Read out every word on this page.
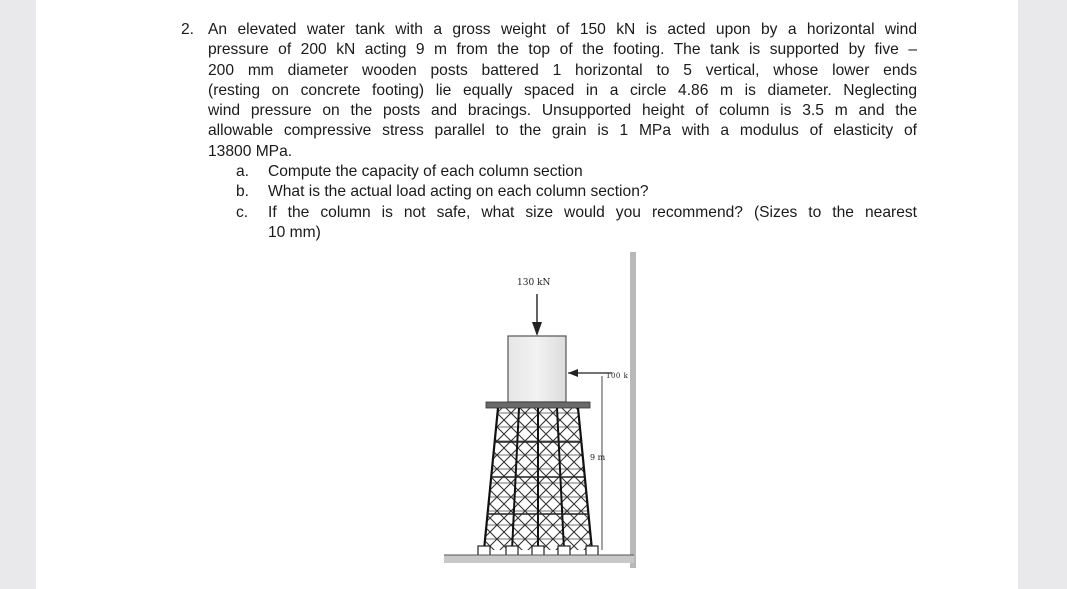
2. An elevated water tank with a gross weight of 150 kN is acted upon by a horizontal wind
pressure of 200 kN acting 9 m from the top of the footing. The tank is supported by five –
200 mm diameter wooden posts battered 1 horizontal to 5 vertical, whose lower ends
(resting on concrete footing) lie equally spaced in a circle 4.86 m is diameter. Neglecting
wind pressure on the posts and bracings. Unsupported height of column is 3.5 m and the
allowable compressive stress parallel to the grain is 1 MPa with a modulus of elasticity of
13800 MPa.
a. Compute the capacity of each column section
b. What is the actual load acting on each column section?
c. If the column is not safe, what size would you recommend? (Sizes to the nearest
10 mm)
130 kN
100 k
9 m
